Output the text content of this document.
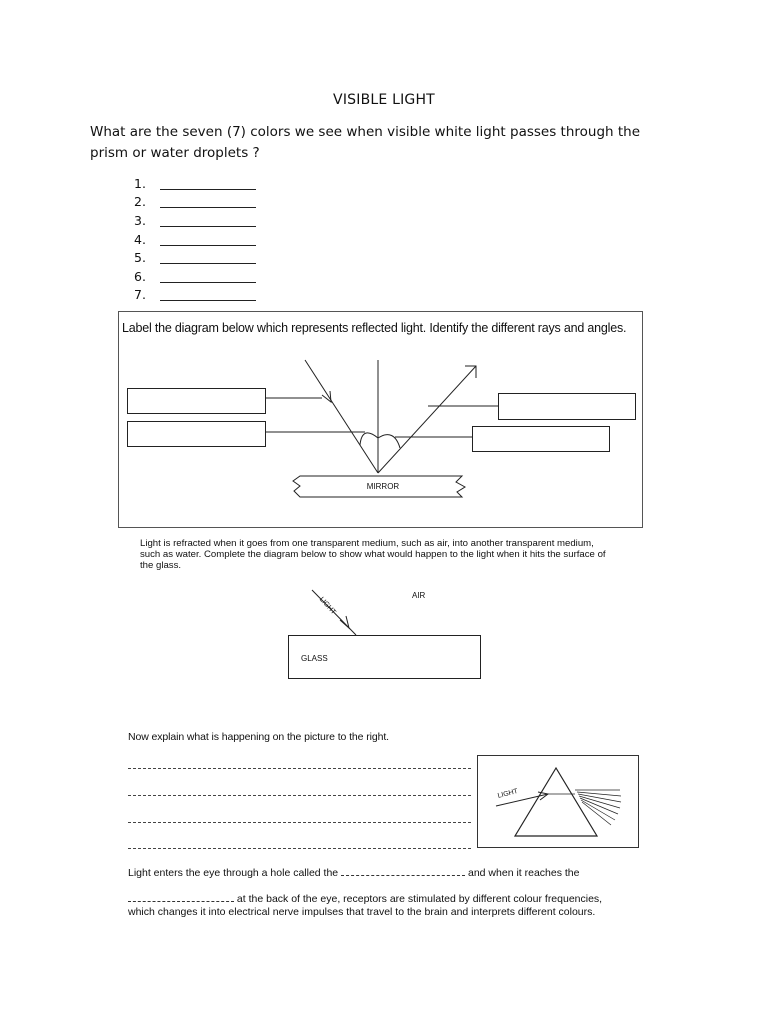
VISIBLE LIGHT
What are the seven (7) colors we see when visible white light passes through the prism or water droplets ?
1.
2.
3.
4.
5.
6.
7.
Label the diagram below which represents reflected light. Identify the different rays and angles.
MIRROR
Light is refracted when it goes from one transparent medium, such as air, into another transparent medium, such as water. Complete the diagram below to show what would happen to the light when it hits the surface of the glass.
LIGHT
AIR
GLASS
Now explain what is happening on the picture to the right.
LIGHT
Light enters the eye through a hole called the	and when it reaches the
at the back of the eye, receptors are stimulated by different colour frequencies,
which changes it into electrical nerve impulses that travel to the brain and interprets different colours.
